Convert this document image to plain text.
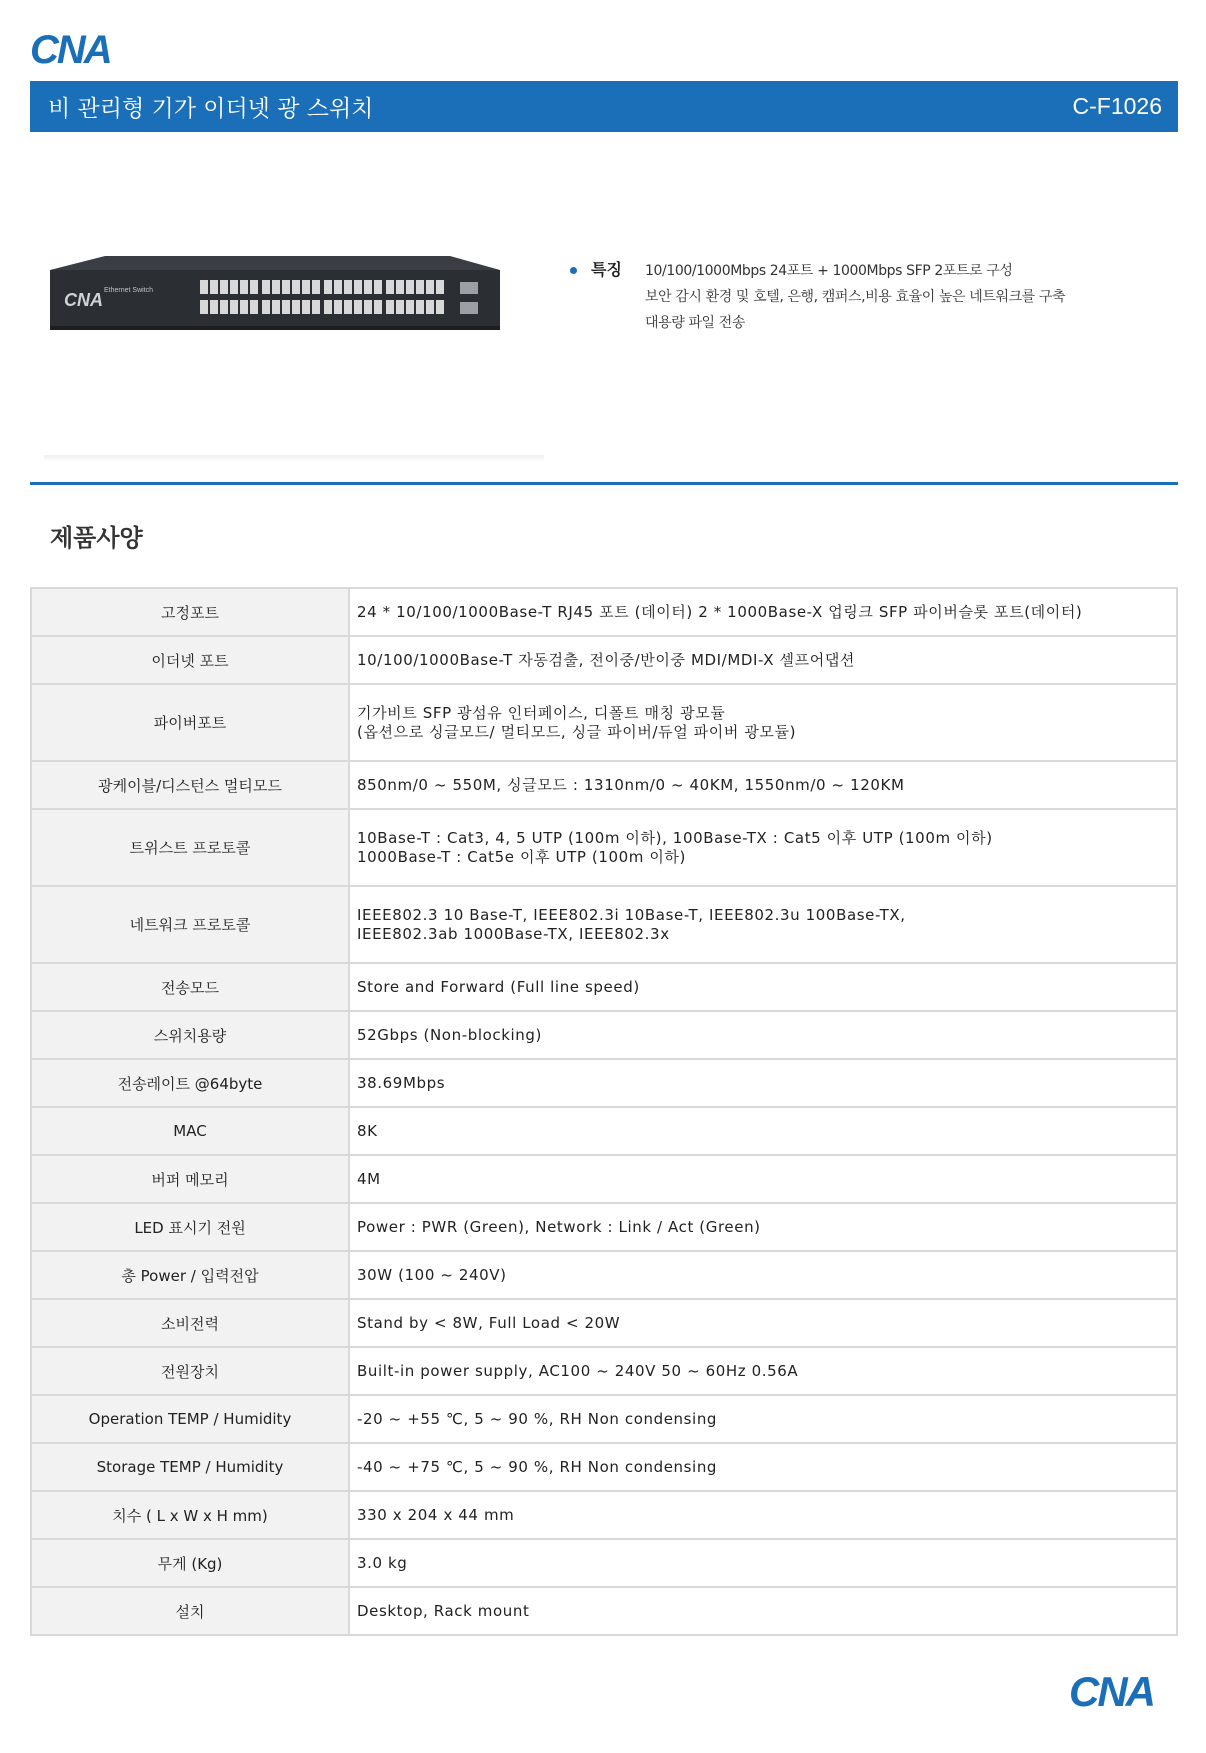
CNA
비 관리형 기가 이더넷 광 스위치	C-F1026
CNA Ethernet Switch
특징	10/100/1000Mbps 24포트 + 1000Mbps SFP 2포트로 구성
보안 감시 환경 및 호텔, 은행, 캠퍼스,비용 효율이 높은 네트워크를 구축
대용량 파일 전송
제품사양
고정포트	24 * 10/100/1000Base-T RJ45 포트 (데이터) 2 * 1000Base-X 업링크 SFP 파이버슬롯 포트(데이터)

이더넷 포트	10/100/1000Base-T 자동검출, 전이중/반이중 MDI/MDI-X 셀프어댑션

파이버포트	기가비트 SFP 광섬유 인터페이스, 디폴트 매칭 광모듈
(옵션으로 싱글모드/ 멀티모드, 싱글 파이버/듀얼 파이버 광모듈)

광케이블/디스턴스 멀티모드	850nm/0 ~ 550M, 싱글모드 : 1310nm/0 ~ 40KM, 1550nm/0 ~ 120KM

트위스트 프로토콜	10Base-T : Cat3, 4, 5 UTP (100m 이하), 100Base-TX : Cat5 이후 UTP (100m 이하)
1000Base-T : Cat5e 이후 UTP (100m 이하)

네트워크 프로토콜	IEEE802.3 10 Base-T, IEEE802.3i 10Base-T, IEEE802.3u 100Base-TX,
IEEE802.3ab 1000Base-TX, IEEE802.3x

전송모드	Store and Forward (Full line speed)

스위치용량	52Gbps (Non-blocking)

전송레이트 @64byte	38.69Mbps

MAC	8K

버퍼 메모리	4M

LED 표시기 전원	Power : PWR (Green), Network : Link / Act (Green)

총 Power / 입력전압	30W (100 ~ 240V)

소비전력	Stand by < 8W, Full Load < 20W

전원장치	Built-in power supply, AC100 ~ 240V 50 ~ 60Hz 0.56A

Operation TEMP / Humidity	-20 ~ +55 ℃, 5 ~ 90 %, RH Non condensing

Storage TEMP / Humidity	-40 ~ +75 ℃, 5 ~ 90 %, RH Non condensing

치수 ( L x W x H mm)	330 x 204 x 44 mm

무게 (Kg)	3.0 kg

설치	Desktop, Rack mount
CNA
